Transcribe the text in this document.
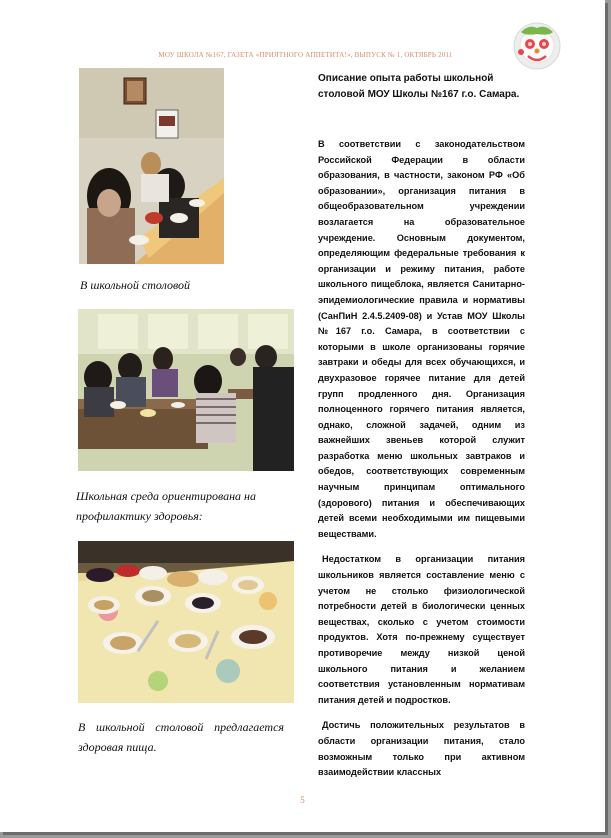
МОУ ШКОЛА №167, ГАЗЕТА «ПРИЯТНОГО АППЕТИТА!», ВЫПУСК № 1, ОКТЯБРЬ 2011
В школьной столовой
Школьная среда ориентирована на профилактику здоровья:
В школьной столовой предлагается здоровая пища.
Описание опыта работы школьной столовой МОУ Школы №167 г.о. Самара.

В соответствии с законодательством Российской Федерации в области образования, в частности, законом РФ «Об образовании», организация питания в общеобразовательном учреждении возлагается на образовательное учреждение. Основным документом, определяющим федеральные требования к организации и режиму питания, работе школьного пищеблока, является Санитарно-эпидемиологические правила и нормативы (СанПиН 2.4.5.2409-08) и Устав МОУ Школы №167 г.о. Самара, в соответствии с которыми в школе организованы горячие завтраки и обеды для всех обучающихся, и двухразовое горячее питание для детей групп продленного дня. Организация полноценного горячего питания является, однако, сложной задачей, одним из важнейших звеньев которой служит разработка меню школьных завтраков и обедов, соответствующих современным научным принципам оптимального (здорового) питания и обеспечивающих детей всеми необходимыми им пищевыми веществами.

Недостатком в организации питания школьников является составление меню с учетом не столько физиологической потребности детей в биологически ценных веществах, сколько с учетом стоимости продуктов. Хотя по-прежнему существует противоречие между низкой ценой школьного питания и желанием соответствия установленным нормативам питания детей и подростков.

Достичь положительных результатов в области организации питания, стало возможным только при активном взаимодействии классных

5
